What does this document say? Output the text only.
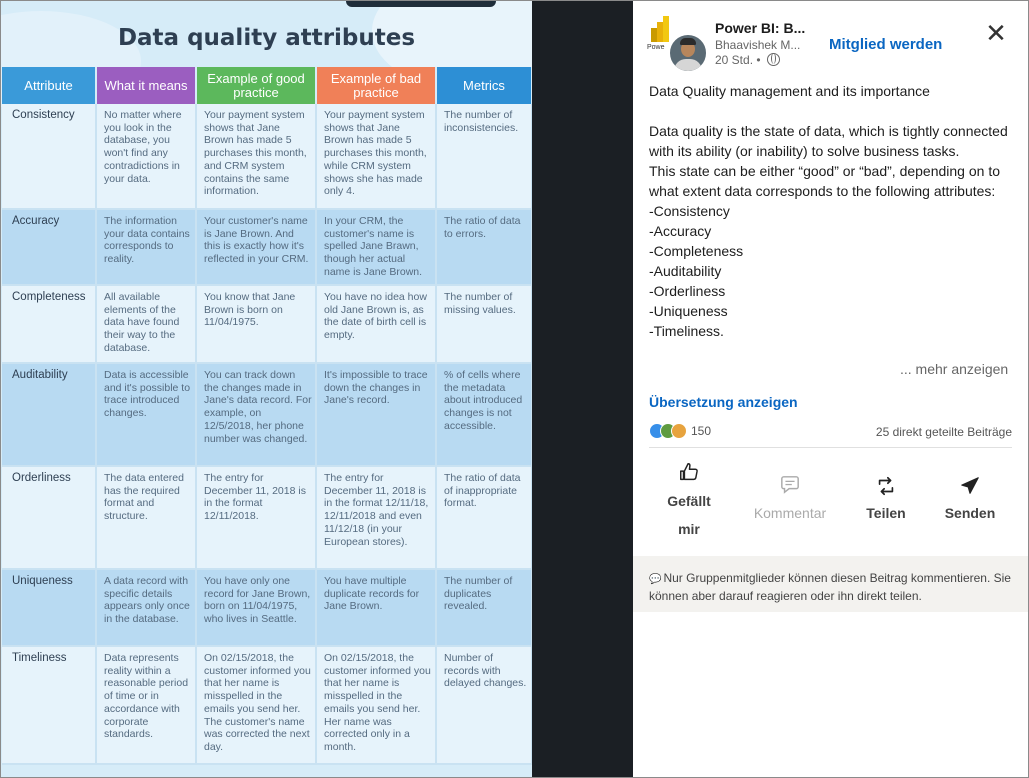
Data quality attributes
Attribute	What it means	Example of good practice	Example of bad practice	Metrics
Consistency	No matter where you look in the database, you won't find any contradictions in your data.	Your payment system shows that Jane Brown has made 5 purchases this month, and CRM system contains the same information.	Your payment system shows that Jane Brown has made 5 purchases this month, while CRM system shows she has made only 4.	The number of inconsistencies.
Accuracy	The information your data contains corresponds to reality.	Your customer's name is Jane Brown. And this is exactly how it's reflected in your CRM.	In your CRM, the customer's name is spelled Jane Brawn, though her actual name is Jane Brown.	The ratio of data to errors.
Completeness	All available elements of the data have found their way to the database.	You know that Jane Brown is born on 11/04/1975.	You have no idea how old Jane Brown is, as the date of birth cell is empty.	The number of missing values.
Auditability	Data is accessible and it's possible to trace introduced changes.	You can track down the changes made in Jane's data record. For example, on 12/5/2018, her phone number was changed.	It's impossible to trace down the changes in Jane's record.	% of cells where the metadata about introduced changes is not accessible.
Orderliness	The data entered has the required format and structure.	The entry for December 11, 2018 is in the format 12/11/2018.	The entry for December 11, 2018 is in the format 12/11/18, 12/11/2018 and even 11/12/18 (in your European stores).	The ratio of data of inappropriate format.
Uniqueness	A data record with specific details appears only once in the database.	You have only one record for Jane Brown, born on 11/04/1975, who lives in Seattle.	You have multiple duplicate records for Jane Brown.	The number of duplicates revealed.
Timeliness	Data represents reality within a reasonable period of time or in accordance with corporate standards.	On 02/15/2018, the customer informed you that her name is misspelled in the emails you send her. The customer's name was corrected the next day.	On 02/15/2018, the customer informed you that her name is misspelled in the emails you send her. Her name was corrected only in a month.	Number of records with delayed changes.
Powe
Power BI: B...
Bhaavishek M...
20 Std. •
Mitglied werden ✕

Data Quality management and its importance

Data quality is the state of data, which is tightly connected with its ability (or inability) to solve business tasks.

This state can be either “good” or “bad”, depending on to what extent data corresponds to the following attributes:

-Consistency

-Accuracy

-Completeness

-Auditability

-Orderliness

-Uniqueness

-Timeliness.

... mehr anzeigen
Übersetzung anzeigen
150	25 direkt geteilte Beiträge
Gefällt mir
Kommentar	Teilen	Senden
💬 Nur Gruppenmitglieder können diesen Beitrag kommentieren. Sie können aber darauf reagieren oder ihn direkt teilen.
